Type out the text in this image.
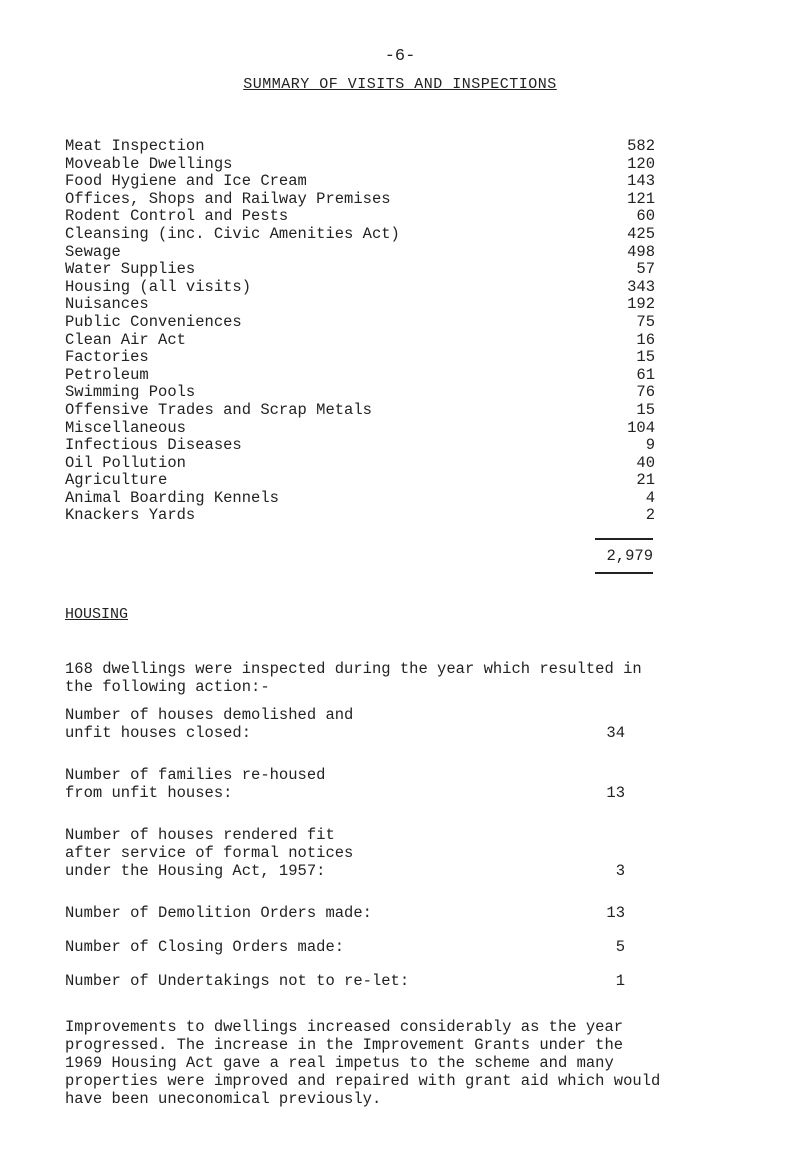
-6-
SUMMARY OF VISITS AND INSPECTIONS
Meat Inspection	582
Moveable Dwellings	120
Food Hygiene and Ice Cream	143
Offices, Shops and Railway Premises	121
Rodent Control and Pests	60
Cleansing (inc. Civic Amenities Act)	425
Sewage	498
Water Supplies	57
Housing (all visits)	343
Nuisances	192
Public Conveniences	75
Clean Air Act	16
Factories	15
Petroleum	61
Swimming Pools	76
Offensive Trades and Scrap Metals	15
Miscellaneous	104
Infectious Diseases	9
Oil Pollution	40
Agriculture	21
Animal Boarding Kennels	4
Knackers Yards	2
2,979
HOUSING
168 dwellings were inspected during the year which resulted in
the following action:-
Number of houses demolished and
unfit houses closed:	34
Number of families re-housed
from unfit houses:	13
Number of houses rendered fit
after service of formal notices
under the Housing Act, 1957:	3
Number of Demolition Orders made:	13
Number of Closing Orders made:	5
Number of Undertakings not to re-let:	1
Improvements to dwellings increased considerably as the year
progressed. The increase in the Improvement Grants under the
1969 Housing Act gave a real impetus to the scheme and many
properties were improved and repaired with grant aid which would
have been uneconomical previously.
